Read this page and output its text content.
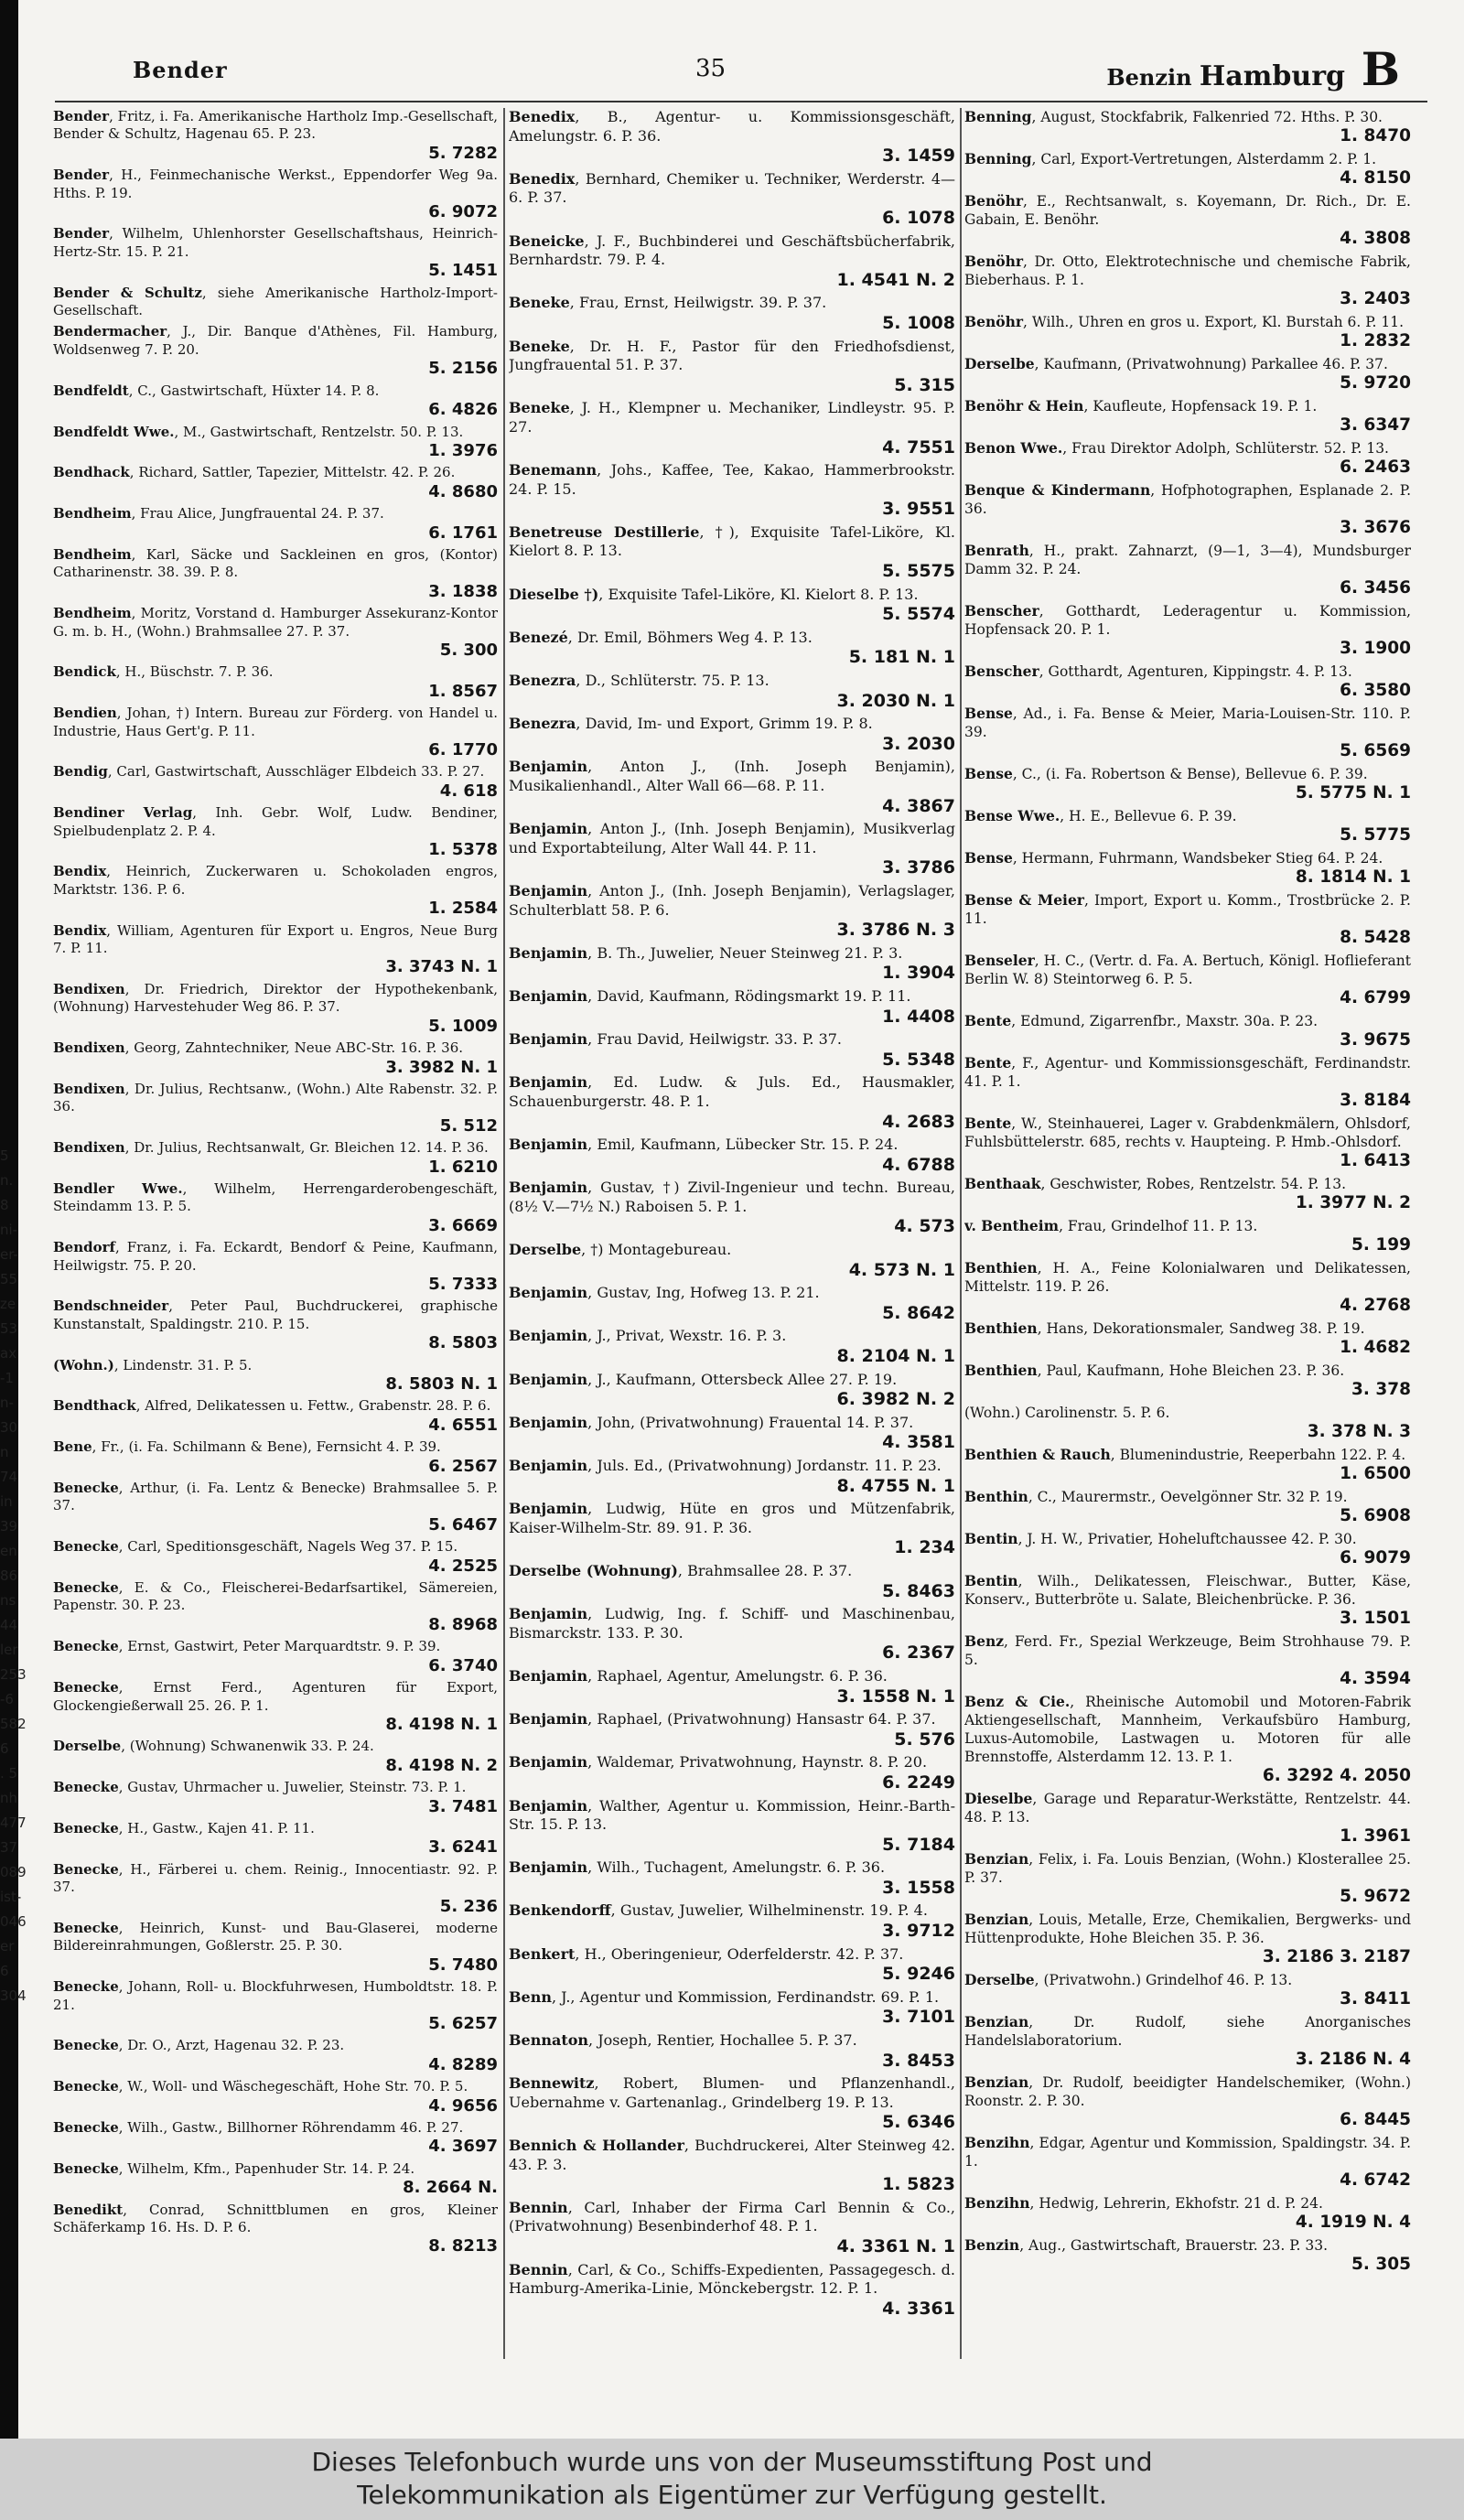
Bender	35	Benzin Hamburg B
Bender, Fritz, i. Fa. Amerikanische Hartholz Imp.-Gesellschaft, Bender & Schultz, Hagenau 65. P. 23.
5. 7282
Bender, H., Feinmechanische Werkst., Eppendorfer Weg 9a. Hths. P. 19.
6. 9072
Bender, Wilhelm, Uhlenhorster Gesellschaftshaus, Heinrich-Hertz-Str. 15. P. 21.
5. 1451
Bender & Schultz, siehe Amerikanische Hartholz-Import-Gesellschaft.
Bendermacher, J., Dir. Banque d'Athènes, Fil. Hamburg, Woldsenweg 7. P. 20.
5. 2156
Bendfeldt, C., Gastwirtschaft, Hüxter 14. P. 8.
6. 4826
Bendfeldt Wwe., M., Gastwirtschaft, Rentzelstr. 50. P. 13.
1. 3976
Bendhack, Richard, Sattler, Tapezier, Mittelstr. 42. P. 26.
4. 8680
Bendheim, Frau Alice, Jungfrauental 24. P. 37.
6. 1761
Bendheim, Karl, Säcke und Sackleinen en gros, (Kontor) Catharinenstr. 38. 39. P. 8.
3. 1838
Bendheim, Moritz, Vorstand d. Hamburger Assekuranz-Kontor G. m. b. H., (Wohn.) Brahmsallee 27. P. 37.
5. 300
Bendick, H., Büschstr. 7. P. 36.
1. 8567
Bendien, Johan, †) Intern. Bureau zur Förderg. von Handel u. Industrie, Haus Gert'g. P. 11.
6. 1770
Bendig, Carl, Gastwirtschaft, Ausschläger Elbdeich 33. P. 27.
4. 618
Bendiner Verlag, Inh. Gebr. Wolf, Ludw. Bendiner, Spielbudenplatz 2. P. 4.
1. 5378
Bendix, Heinrich, Zuckerwaren u. Schokoladen engros, Marktstr. 136. P. 6.
1. 2584
Bendix, William, Agenturen für Export u. Engros, Neue Burg 7. P. 11.
3. 3743 N. 1
Bendixen, Dr. Friedrich, Direktor der Hypothekenbank, (Wohnung) Harvestehuder Weg 86. P. 37.
5. 1009
Bendixen, Georg, Zahntechniker, Neue ABC-Str. 16. P. 36.
3. 3982 N. 1
Bendixen, Dr. Julius, Rechtsanw., (Wohn.) Alte Rabenstr. 32. P. 36.
5. 512
Bendixen, Dr. Julius, Rechtsanwalt, Gr. Bleichen 12. 14. P. 36.
1. 6210
Bendler Wwe., Wilhelm, Herrengarderobengeschäft, Steindamm 13. P. 5.
3. 6669
Bendorf, Franz, i. Fa. Eckardt, Bendorf & Peine, Kaufmann, Heilwigstr. 75. P. 20.
5. 7333
Bendschneider, Peter Paul, Buchdruckerei, graphische Kunstanstalt, Spaldingstr. 210. P. 15.
8. 5803
(Wohn.), Lindenstr. 31. P. 5.
8. 5803 N. 1
Bendthack, Alfred, Delikatessen u. Fettw., Grabenstr. 28. P. 6.
4. 6551
Bene, Fr., (i. Fa. Schilmann & Bene), Fernsicht 4. P. 39.
6. 2567
Benecke, Arthur, (i. Fa. Lentz & Benecke) Brahmsallee 5. P. 37.
5. 6467
Benecke, Carl, Speditionsgeschäft, Nagels Weg 37. P. 15.
4. 2525
Benecke, E. & Co., Fleischerei-Bedarfsartikel, Sämereien, Papenstr. 30. P. 23.
8. 8968
Benecke, Ernst, Gastwirt, Peter Marquardtstr. 9. P. 39.
6. 3740
Benecke, Ernst Ferd., Agenturen für Export, Glockengießerwall 25. 26. P. 1.
8. 4198 N. 1
Derselbe, (Wohnung) Schwanenwik 33. P. 24.
8. 4198 N. 2
Benecke, Gustav, Uhrmacher u. Juwelier, Steinstr. 73. P. 1.
3. 7481
Benecke, H., Gastw., Kajen 41. P. 11.
3. 6241
Benecke, H., Färberei u. chem. Reinig., Innocentiastr. 92. P. 37.
5. 236
Benecke, Heinrich, Kunst- und Bau-Glaserei, moderne Bildereinrahmungen, Goßlerstr. 25. P. 30.
5. 7480
Benecke, Johann, Roll- u. Blockfuhrwesen, Humboldtstr. 18. P. 21.
5. 6257
Benecke, Dr. O., Arzt, Hagenau 32. P. 23.
4. 8289
Benecke, W., Woll- und Wäschegeschäft, Hohe Str. 70. P. 5.
4. 9656
Benecke, Wilh., Gastw., Billhorner Röhrendamm 46. P. 27.
4. 3697
Benecke, Wilhelm, Kfm., Papenhuder Str. 14. P. 24.
8. 2664 N.
Benedikt, Conrad, Schnittblumen en gros, Kleiner Schäferkamp 16. Hs. D. P. 6.
8. 8213
Benedix, B., Agentur- u. Kommissionsgeschäft, Amelungstr. 6. P. 36.
3. 1459
Benedix, Bernhard, Chemiker u. Techniker, Werderstr. 4—6. P. 37.
6. 1078
Beneicke, J. F., Buchbinderei und Geschäftsbücherfabrik, Bernhardstr. 79. P. 4.
1. 4541 N. 2
Beneke, Frau, Ernst, Heilwigstr. 39. P. 37.
5. 1008
Beneke, Dr. H. F., Pastor für den Friedhofsdienst, Jungfrauental 51. P. 37.
5. 315
Beneke, J. H., Klempner u. Mechaniker, Lindleystr. 95. P. 27.
4. 7551
Benemann, Johs., Kaffee, Tee, Kakao, Hammerbrookstr. 24. P. 15.
3. 9551
Benetreuse Destillerie, †), Exquisite Tafel-Liköre, Kl. Kielort 8. P. 13.
5. 5575
Dieselbe †), Exquisite Tafel-Liköre, Kl. Kielort 8. P. 13.
5. 5574
Benezé, Dr. Emil, Böhmers Weg 4. P. 13.
5. 181 N. 1
Benezra, D., Schlüterstr. 75. P. 13.
3. 2030 N. 1
Benezra, David, Im- und Export, Grimm 19. P. 8.
3. 2030
Benjamin, Anton J., (Inh. Joseph Benjamin), Musikalienhandl., Alter Wall 66—68. P. 11.
4. 3867
Benjamin, Anton J., (Inh. Joseph Benjamin), Musikverlag und Exportabteilung, Alter Wall 44. P. 11.
3. 3786
Benjamin, Anton J., (Inh. Joseph Benjamin), Verlagslager, Schulterblatt 58. P. 6.
3. 3786 N. 3
Benjamin, B. Th., Juwelier, Neuer Steinweg 21. P. 3.
1. 3904
Benjamin, David, Kaufmann, Rödingsmarkt 19. P. 11.
1. 4408
Benjamin, Frau David, Heilwigstr. 33. P. 37.
5. 5348
Benjamin, Ed. Ludw. & Juls. Ed., Hausmakler, Schauenburgerstr. 48. P. 1.
4. 2683
Benjamin, Emil, Kaufmann, Lübecker Str. 15. P. 24.
4. 6788
Benjamin, Gustav, †) Zivil-Ingenieur und techn. Bureau, (8½ V.—7½ N.) Raboisen 5. P. 1.
4. 573
Derselbe, †) Montagebureau.
4. 573 N. 1
Benjamin, Gustav, Ing, Hofweg 13. P. 21.
5. 8642
Benjamin, J., Privat, Wexstr. 16. P. 3.
8. 2104 N. 1
Benjamin, J., Kaufmann, Ottersbeck Allee 27. P. 19.
6. 3982 N. 2
Benjamin, John, (Privatwohnung) Frauental 14. P. 37.
4. 3581
Benjamin, Juls. Ed., (Privatwohnung) Jordanstr. 11. P. 23.
8. 4755 N. 1
Benjamin, Ludwig, Hüte en gros und Mützenfabrik, Kaiser-Wilhelm-Str. 89. 91. P. 36.
1. 234
Derselbe (Wohnung), Brahmsallee 28. P. 37.
5. 8463
Benjamin, Ludwig, Ing. f. Schiff- und Maschinenbau, Bismarckstr. 133. P. 30.
6. 2367
Benjamin, Raphael, Agentur, Amelungstr. 6. P. 36.
3. 1558 N. 1
Benjamin, Raphael, (Privatwohnung) Hansastr 64. P. 37.
5. 576
Benjamin, Waldemar, Privatwohnung, Haynstr. 8. P. 20.
6. 2249
Benjamin, Walther, Agentur u. Kommission, Heinr.-Barth-Str. 15. P. 13.
5. 7184
Benjamin, Wilh., Tuchagent, Amelungstr. 6. P. 36.
3. 1558
Benkendorff, Gustav, Juwelier, Wilhelminenstr. 19. P. 4.
3. 9712
Benkert, H., Oberingenieur, Oderfelderstr. 42. P. 37.
5. 9246
Benn, J., Agentur und Kommission, Ferdinandstr. 69. P. 1.
3. 7101
Bennaton, Joseph, Rentier, Hochallee 5. P. 37.
3. 8453
Bennewitz, Robert, Blumen- und Pflanzenhandl., Uebernahme v. Gartenanlag., Grindelberg 19. P. 13.
5. 6346
Bennich & Hollander, Buchdruckerei, Alter Steinweg 42. 43. P. 3.
1. 5823
Bennin, Carl, Inhaber der Firma Carl Bennin & Co., (Privatwohnung) Besenbinderhof 48. P. 1.
4. 3361 N. 1
Bennin, Carl, & Co., Schiffs-Expedienten, Passagegesch. d. Hamburg-Amerika-Linie, Mönckebergstr. 12. P. 1.
4. 3361
Benning, August, Stockfabrik, Falkenried 72. Hths. P. 30.
1. 8470
Benning, Carl, Export-Vertretungen, Alsterdamm 2. P. 1.
4. 8150
Benöhr, E., Rechtsanwalt, s. Koyemann, Dr. Rich., Dr. E. Gabain, E. Benöhr.
4. 3808
Benöhr, Dr. Otto, Elektrotechnische und chemische Fabrik, Bieberhaus. P. 1.
3. 2403
Benöhr, Wilh., Uhren en gros u. Export, Kl. Burstah 6. P. 11.
1. 2832
Derselbe, Kaufmann, (Privatwohnung) Parkallee 46. P. 37.
5. 9720
Benöhr & Hein, Kaufleute, Hopfensack 19. P. 1.
3. 6347
Benon Wwe., Frau Direktor Adolph, Schlüterstr. 52. P. 13.
6. 2463
Benque & Kindermann, Hofphotographen, Esplanade 2. P. 36.
3. 3676
Benrath, H., prakt. Zahnarzt, (9—1, 3—4), Mundsburger Damm 32. P. 24.
6. 3456
Benscher, Gotthardt, Lederagentur u. Kommission, Hopfensack 20. P. 1.
3. 1900
Benscher, Gotthardt, Agenturen, Kippingstr. 4. P. 13.
6. 3580
Bense, Ad., i. Fa. Bense & Meier, Maria-Louisen-Str. 110. P. 39.
5. 6569
Bense, C., (i. Fa. Robertson & Bense), Bellevue 6. P. 39.
5. 5775 N. 1
Bense Wwe., H. E., Bellevue 6. P. 39.
5. 5775
Bense, Hermann, Fuhrmann, Wandsbeker Stieg 64. P. 24.
8. 1814 N. 1
Bense & Meier, Import, Export u. Komm., Trostbrücke 2. P. 11.
8. 5428
Benseler, H. C., (Vertr. d. Fa. A. Bertuch, Königl. Hoflieferant Berlin W. 8) Steintorweg 6. P. 5.
4. 6799
Bente, Edmund, Zigarrenfbr., Maxstr. 30a. P. 23.
3. 9675
Bente, F., Agentur- und Kommissionsgeschäft, Ferdinandstr. 41. P. 1.
3. 8184
Bente, W., Steinhauerei, Lager v. Grabdenkmälern, Ohlsdorf, Fuhlsbüttelerstr. 685, rechts v. Haupteing. P. Hmb.-Ohlsdorf.
1. 6413
Benthaak, Geschwister, Robes, Rentzelstr. 54. P. 13.
1. 3977 N. 2
v. Bentheim, Frau, Grindelhof 11. P. 13.
5. 199
Benthien, H. A., Feine Kolonialwaren und Delikatessen, Mittelstr. 119. P. 26.
4. 2768
Benthien, Hans, Dekorationsmaler, Sandweg 38. P. 19.
1. 4682
Benthien, Paul, Kaufmann, Hohe Bleichen 23. P. 36.
3. 378
(Wohn.) Carolinenstr. 5. P. 6.
3. 378 N. 3
Benthien & Rauch, Blumenindustrie, Reeperbahn 122. P. 4.
1. 6500
Benthin, C., Maurermstr., Oevelgönner Str. 32 P. 19.
5. 6908
Bentin, J. H. W., Privatier, Hoheluftchaussee 42. P. 30.
6. 9079
Bentin, Wilh., Delikatessen, Fleischwar., Butter, Käse, Konserv., Butterbröte u. Salate, Bleichenbrücke. P. 36.
3. 1501
Benz, Ferd. Fr., Spezial Werkzeuge, Beim Strohhause 79. P. 5.
4. 3594
Benz & Cie., Rheinische Automobil und Motoren-Fabrik Aktiengesellschaft, Mannheim, Verkaufsbüro Hamburg, Luxus-Automobile, Lastwagen u. Motoren für alle Brennstoffe, Alsterdamm 12. 13. P. 1.
6. 3292 4. 2050
Dieselbe, Garage und Reparatur-Werkstätte, Rentzelstr. 44. 48. P. 13.
1. 3961
Benzian, Felix, i. Fa. Louis Benzian, (Wohn.) Klosterallee 25. P. 37.
5. 9672
Benzian, Louis, Metalle, Erze, Chemikalien, Bergwerks- und Hüttenprodukte, Hohe Bleichen 35. P. 36.
3. 2186 3. 2187
Derselbe, (Privatwohn.) Grindelhof 46. P. 13.
3. 8411
Benzian, Dr. Rudolf, siehe Anorganisches Handelslaboratorium.
3. 2186 N. 4
Benzian, Dr. Rudolf, beeidigter Handelschemiker, (Wohn.) Roonstr. 2. P. 30.
6. 8445
Benzihn, Edgar, Agentur und Kommission, Spaldingstr. 34. P. 1.
4. 6742
Benzihn, Hedwig, Lehrerin, Ekhofstr. 21 d. P. 24.
4. 1919 N. 4
Benzin, Aug., Gastwirtschaft, Brauerstr. 23. P. 33.
5. 305
5
n.
8
ni-
er-
55
ze
53
ax
-1
n-
30
n
74
in
39
en
86
ns
44
ler
253
-6
582
6
. 5
nh
477
37
089
ist-
046
er 6
304
Dieses Telefonbuch wurde uns von der Museumsstiftung Post und
Telekommunikation als Eigentümer zur Verfügung gestellt.
